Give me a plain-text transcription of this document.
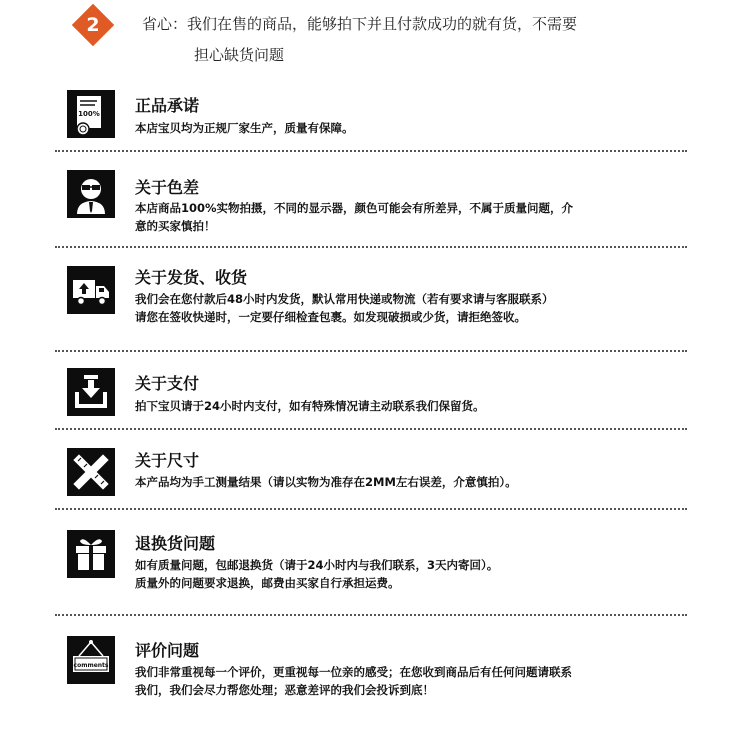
2	省心：我们在售的商品，能够拍下并且付款成功的就有货，不需要
担心缺货问题
100% 正品承诺
本店宝贝均为正规厂家生产，质量有保障。
关于色差
本店商品100%实物拍摄，不同的显示器，颜色可能会有所差异，不属于质量问题，介
意的买家慎拍！
关于发货、收货
我们会在您付款后48小时内发货，默认常用快递或物流（若有要求请与客服联系）
请您在签收快递时，一定要仔细检查包裹。如发现破损或少货，请拒绝签收。
关于支付
拍下宝贝请于24小时内支付，如有特殊情况请主动联系我们保留货。
关于尺寸
本产品均为手工测量结果（请以实物为准存在2MM左右误差，介意慎拍）。
退换货问题
如有质量问题，包邮退换货（请于24小时内与我们联系，3天内寄回）。
质量外的问题要求退换，邮费由买家自行承担运费。
comments
评价问题
我们非常重视每一个评价，更重视每一位亲的感受；在您收到商品后有任何问题请联系
我们，我们会尽力帮您处理；恶意差评的我们会投诉到底！
